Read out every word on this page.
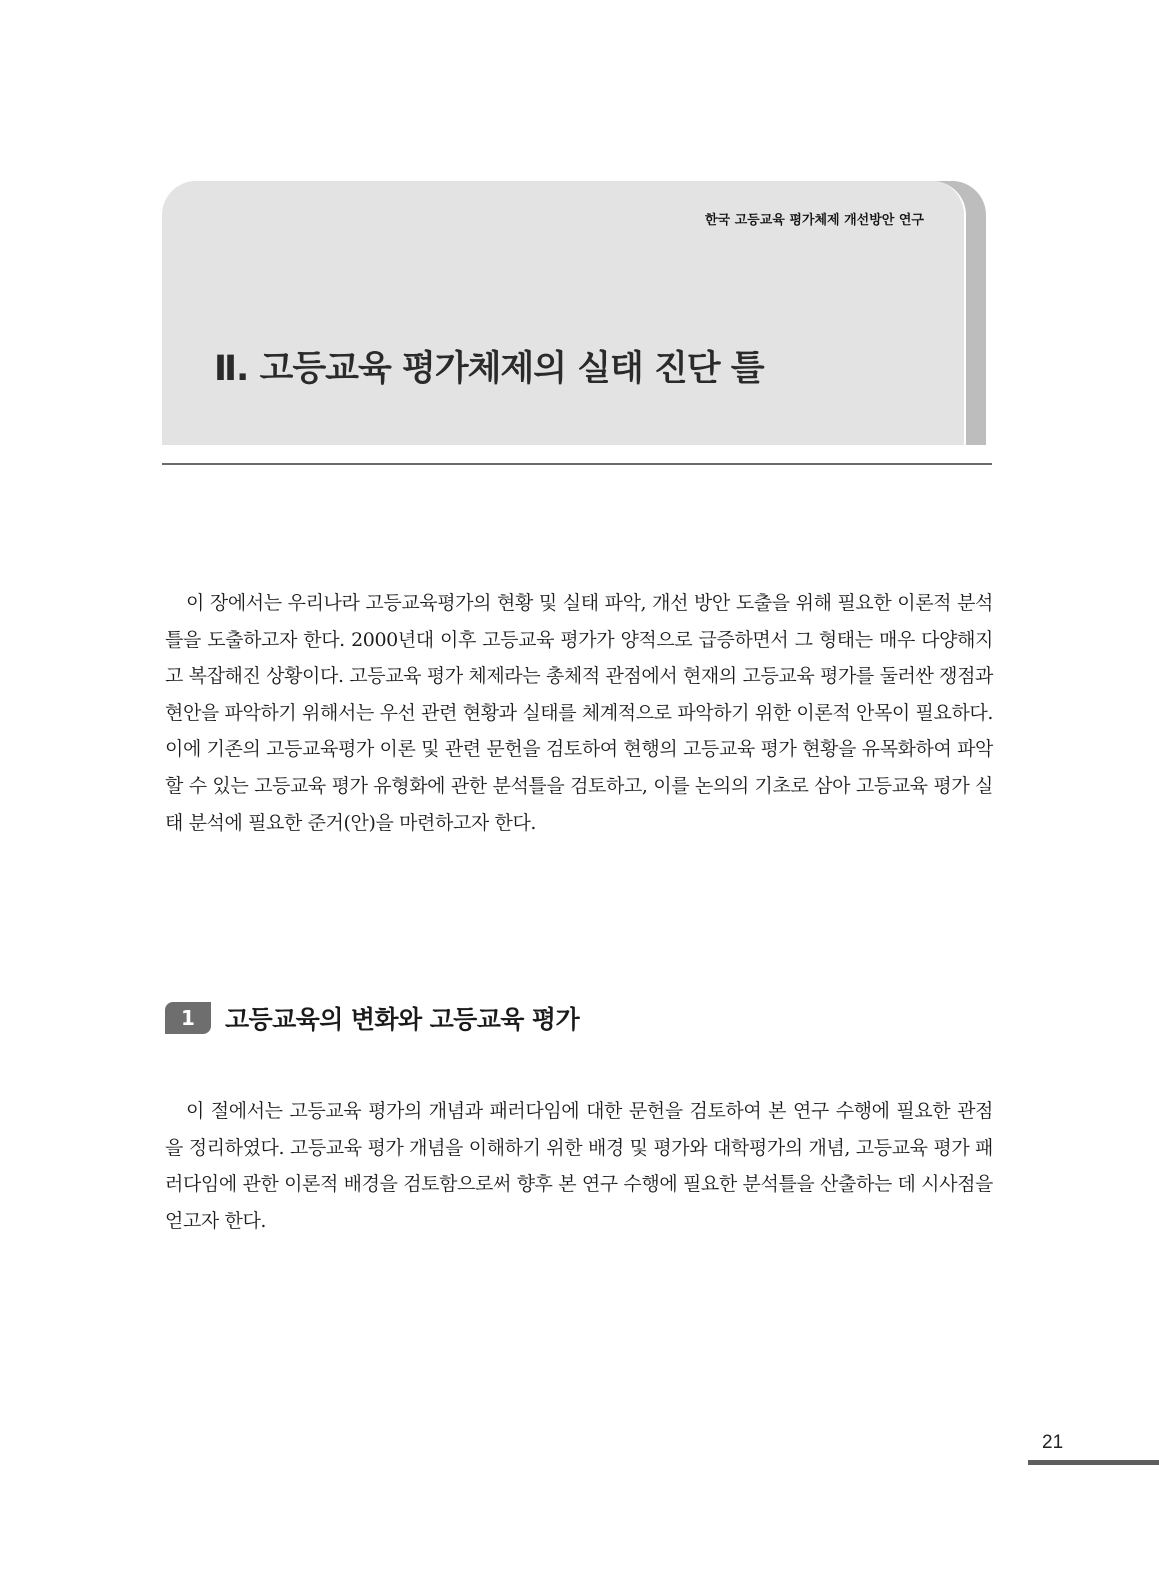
한국 고등교육 평가체제 개선방안 연구
Ⅱ. 고등교육 평가체제의 실태 진단 틀

이 장에서는 우리나라 고등교육평가의 현황 및 실태 파악, 개선 방안 도출을 위해 필요한 이론적 분석틀을 도출하고자 한다. 2000년대 이후 고등교육 평가가 양적으로 급증하면서 그 형태는 매우 다양해지고 복잡해진 상황이다. 고등교육 평가 체제라는 총체적 관점에서 현재의 고등교육 평가를 둘러싼 쟁점과 현안을 파악하기 위해서는 우선 관련 현황과 실태를 체계적으로 파악하기 위한 이론적 안목이 필요하다. 이에 기존의 고등교육평가 이론 및 관련 문헌을 검토하여 현행의 고등교육 평가 현황을 유목화하여 파악할 수 있는 고등교육 평가 유형화에 관한 분석틀을 검토하고, 이를 논의의 기초로 삼아 고등교육 평가 실태 분석에 필요한 준거(안)을 마련하고자 한다.

1	고등교육의 변화와 고등교육 평가

이 절에서는 고등교육 평가의 개념과 패러다임에 대한 문헌을 검토하여 본 연구 수행에 필요한 관점을 정리하였다. 고등교육 평가 개념을 이해하기 위한 배경 및 평가와 대학평가의 개념, 고등교육 평가 패러다임에 관한 이론적 배경을 검토함으로써 향후 본 연구 수행에 필요한 분석틀을 산출하는 데 시사점을 얻고자 한다.

21
